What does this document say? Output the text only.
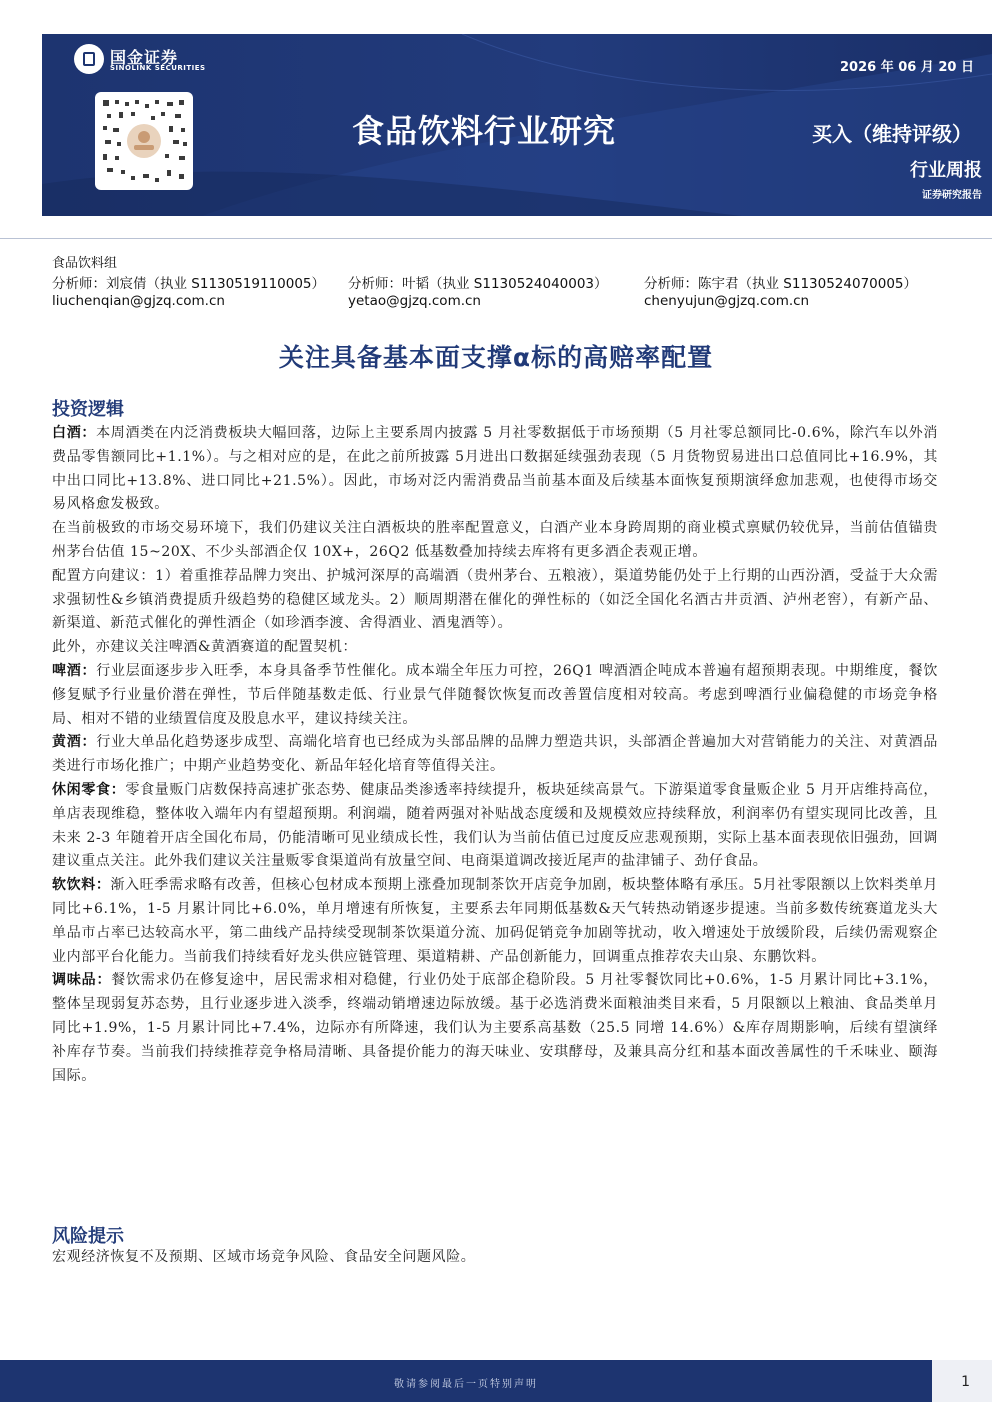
国金证券
SINOLINK SECURITIES	2026 年 06 月 20 日
食品饮料行业研究	买入（维持评级）
行业周报
证券研究报告
食品饮料组
分析师：刘宸倩（执业 S1130519110005） 分析师：叶韬（执业 S1130524040003）	分析师：陈宇君（执业 S1130524070005）
liuchenqian@gjzq.com.cn	yetao@gjzq.com.cn	chenyujun@gjzq.com.cn
关注具备基本面支撑α标的高赔率配置
投资逻辑

白酒：本周酒类在内泛消费板块大幅回落，边际上主要系周内披露 5 月社零数据低于市场预期（5 月社零总额同比-0.6%，除汽车以外消费品零售额同比+1.1%）。与之相对应的是，在此之前所披露 5月进出口数据延续强劲表现（5 月货物贸易进出口总值同比+16.9%，其中出口同比+13.8%、进口同比+21.5%）。因此，市场对泛内需消费品当前基本面及后续基本面恢复预期演绎愈加悲观，也使得市场交易风格愈发极致。

在当前极致的市场交易环境下，我们仍建议关注白酒板块的胜率配置意义，白酒产业本身跨周期的商业模式禀赋仍较优异，当前估值锚贵州茅台估值 15~20X、不少头部酒企仅 10X+，26Q2 低基数叠加持续去库将有更多酒企表观正增。

配置方向建议：1）着重推荐品牌力突出、护城河深厚的高端酒（贵州茅台、五粮液），渠道势能仍处于上行期的山西汾酒，受益于大众需求强韧性&乡镇消费提质升级趋势的稳健区域龙头。2）顺周期潜在催化的弹性标的（如泛全国化名酒古井贡酒、泸州老窖），有新产品、新渠道、新范式催化的弹性酒企（如珍酒李渡、舍得酒业、酒鬼酒等）。

此外，亦建议关注啤酒&黄酒赛道的配置契机：

啤酒：行业层面逐步步入旺季，本身具备季节性催化。成本端全年压力可控，26Q1 啤酒酒企吨成本普遍有超预期表现。中期维度，餐饮修复赋予行业量价潜在弹性，节后伴随基数走低、行业景气伴随餐饮恢复而改善置信度相对较高。考虑到啤酒行业偏稳健的市场竞争格局、相对不错的业绩置信度及股息水平，建议持续关注。

黄酒：行业大单品化趋势逐步成型、高端化培育也已经成为头部品牌的品牌力塑造共识，头部酒企普遍加大对营销能力的关注、对黄酒品类进行市场化推广；中期产业趋势变化、新品年轻化培育等值得关注。

休闲零食：零食量贩门店数保持高速扩张态势、健康品类渗透率持续提升，板块延续高景气。下游渠道零食量贩企业 5 月开店维持高位，单店表现维稳，整体收入端年内有望超预期。利润端，随着两强对补贴战态度缓和及规模效应持续释放，利润率仍有望实现同比改善，且未来 2-3 年随着开店全国化布局，仍能清晰可见业绩成长性，我们认为当前估值已过度反应悲观预期，实际上基本面表现依旧强劲，回调建议重点关注。此外我们建议关注量贩零食渠道尚有放量空间、电商渠道调改接近尾声的盐津铺子、劲仔食品。

软饮料：渐入旺季需求略有改善，但核心包材成本预期上涨叠加现制茶饮开店竞争加剧，板块整体略有承压。5月社零限额以上饮料类单月同比+6.1%，1-5 月累计同比+6.0%，单月增速有所恢复，主要系去年同期低基数&天气转热动销逐步提速。当前多数传统赛道龙头大单品市占率已达较高水平，第二曲线产品持续受现制茶饮渠道分流、加码促销竞争加剧等扰动，收入增速处于放缓阶段，后续仍需观察企业内部平台化能力。当前我们持续看好龙头供应链管理、渠道精耕、产品创新能力，回调重点推荐农夫山泉、东鹏饮料。

调味品：餐饮需求仍在修复途中，居民需求相对稳健，行业仍处于底部企稳阶段。5 月社零餐饮同比+0.6%，1-5 月累计同比+3.1%，整体呈现弱复苏态势，且行业逐步进入淡季，终端动销增速边际放缓。基于必选消费米面粮油类目来看，5 月限额以上粮油、食品类单月同比+1.9%，1-5 月累计同比+7.4%，边际亦有所降速，我们认为主要系高基数（25.5 同增 14.6%）&库存周期影响，后续有望演绎补库存节奏。当前我们持续推荐竞争格局清晰、具备提价能力的海天味业、安琪酵母，及兼具高分红和基本面改善属性的千禾味业、颐海国际。

风险提示
宏观经济恢复不及预期、区域市场竞争风险、食品安全问题风险。
敬请参阅最后一页特别声明	1
